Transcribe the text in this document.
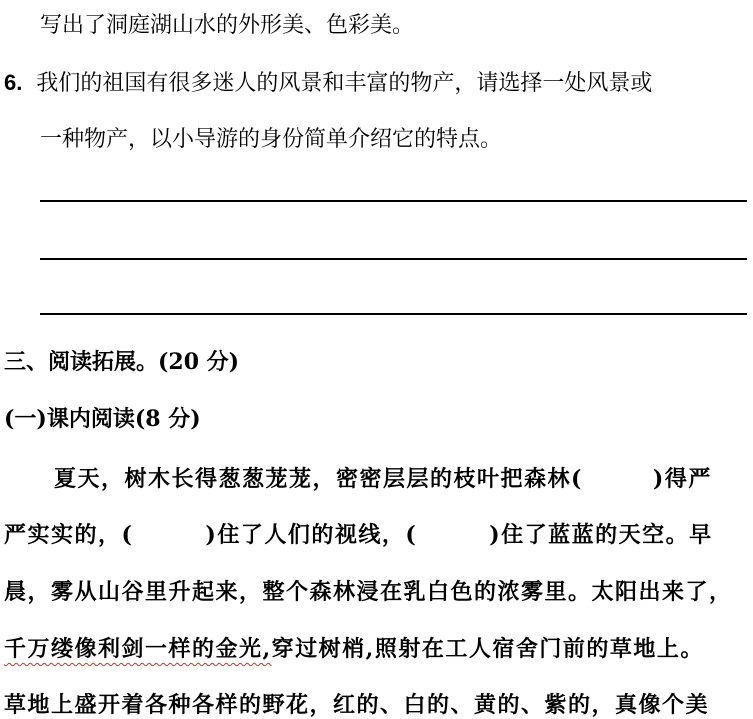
写出了洞庭湖山水的外形美、色彩美。
6. 我们的祖国有很多迷人的风景和丰富的物产，请选择一处风景或
一种物产，以小导游的身份简单介绍它的特点。
三、阅读拓展。(20 分)
(一)课内阅读(8 分)
夏天，树木长得葱葱茏茏，密密层层的枝叶把森林(	)得严
严实实的，(	)住了人们的视线，(	)住了蓝蓝的天空。早
晨，雾从山谷里升起来，整个森林浸在乳白色的浓雾里。太阳出来了，
千万缕像利剑一样的金光,穿过树梢,照射在工人宿舍门前的草地上。
草地上盛开着各种各样的野花，红的、白的、黄的、紫的，真像个美
